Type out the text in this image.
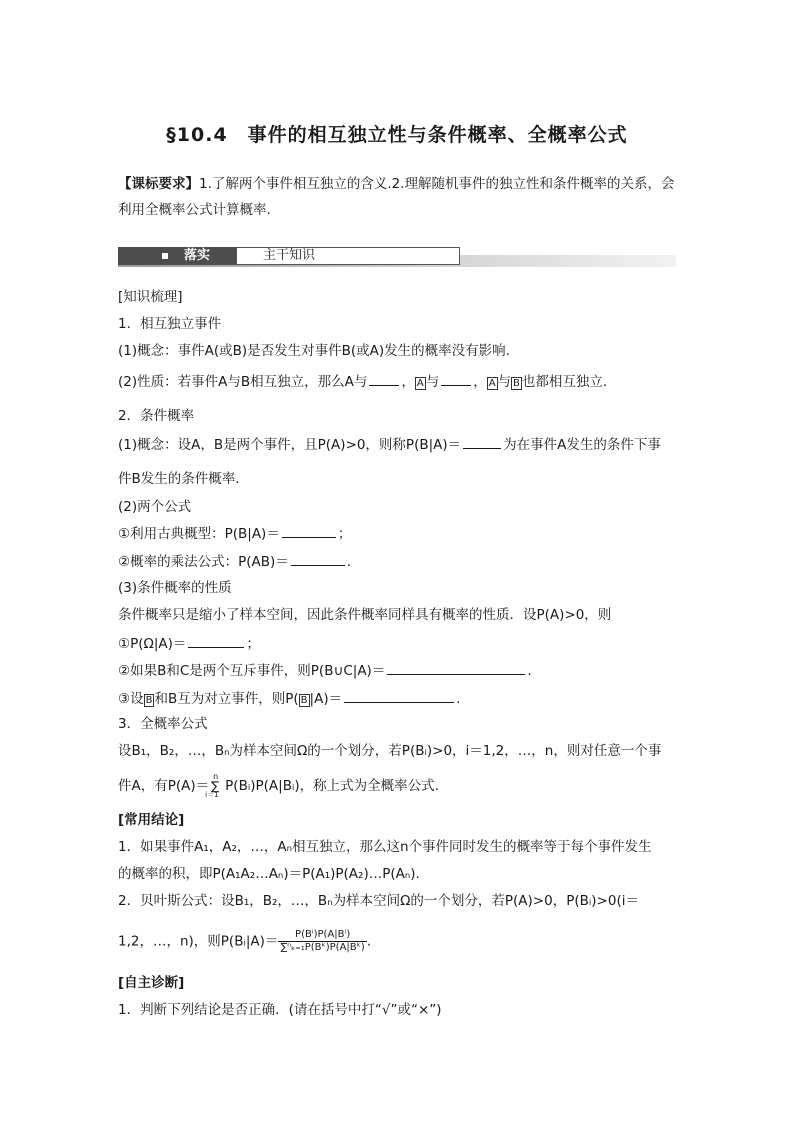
§10.4　事件的相互独立性与条件概率、全概率公式
【课标要求】1.了解两个事件相互独立的含义.2.理解随机事件的独立性和条件概率的关系，会
利用全概率公式计算概率.
落实	主干知识
[知识梳理]
1．相互独立事件
(1)概念：事件A(或B)是否发生对事件B(或A)发生的概率没有影响.
(2)性质：若事件A与B相互独立，那么A与	， A 与	， A 与 B 也都相互独立.
2．条件概率
(1)概念：设A，B是两个事件，且P(A)>0，则称P(B|A)＝	为在事件A发生的条件下事
件B发生的条件概率.
(2)两个公式
①利用古典概型：P(B|A)＝	；
②概率的乘法公式：P(AB)＝	.
(3)条件概率的性质
条件概率只是缩小了样本空间，因此条件概率同样具有概率的性质．设P(A)>0，则
①P(Ω|A)＝	；
②如果B和C是两个互斥事件，则P(B∪C|A)＝	.
③设 B 和B互为对立事件，则P( B |A)＝	.
3．全概率公式
设B₁，B₂，…，Bₙ为样本空间Ω的一个划分，若P(Bᵢ)>0，i＝1,2，…，n，则对任意一个事
件A，有P(A)＝
n
∑
i＝1
P(Bᵢ)P(A|Bᵢ)，称上式为全概率公式.
[常用结论]
1．如果事件A₁，A₂，…，Aₙ相互独立，那么这n个事件同时发生的概率等于每个事件发生
的概率的积，即P(A₁A₂…Aₙ)＝P(A₁)P(A₂)…P(Aₙ).
2．贝叶斯公式：设B₁，B₂，…，Bₙ为样本空间Ω的一个划分，若P(A)>0，P(Bᵢ)>0(i＝
1,2，…，n)，则P(Bᵢ|A)＝ $\frac{\text{P(Bⁱ)P(A|Bⁱ)}}{\text{∑ⁿₖ₌₁P(Bᵏ)P(A|Bᵏ)}}$ .
[自主诊断]
1．判断下列结论是否正确．(请在括号中打“√”或“×”)
